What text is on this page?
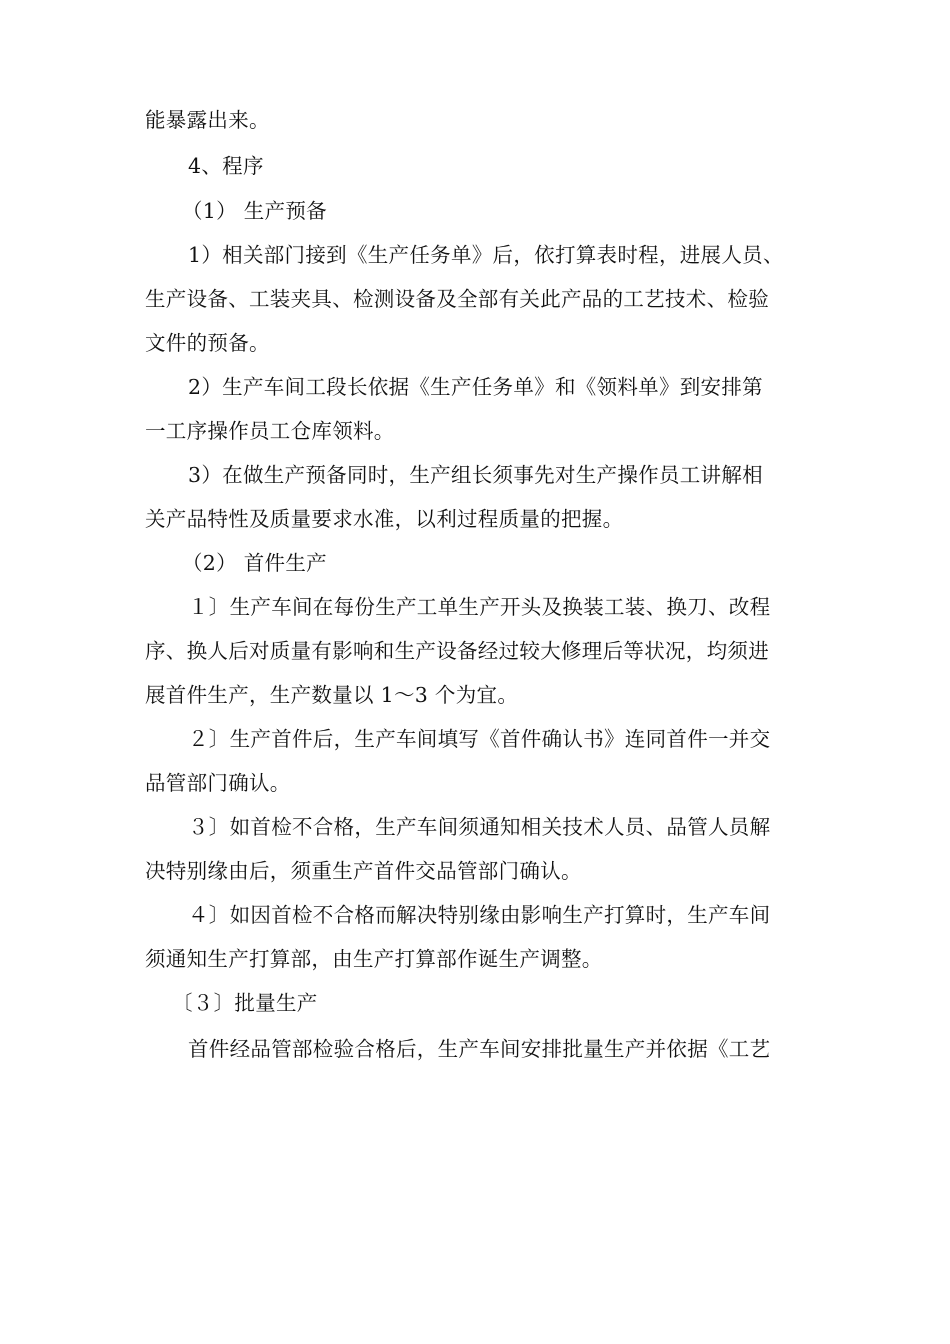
能暴露出来。
4、程序
（1） 生产预备
1）相关部门接到《生产任务单》后，依打算表时程，进展人员、
生产设备、工装夹具、检测设备及全部有关此产品的工艺技术、检验
文件的预备。
2）生产车间工段长依据《生产任务单》和《领料单》到安排第
一工序操作员工仓库领料。
3）在做生产预备同时，生产组长须事先对生产操作员工讲解相
关产品特性及质量要求水准，以利过程质量的把握。
（2） 首件生产
１〕生产车间在每份生产工单生产开头及换装工装、换刀、改程
序、换人后对质量有影响和生产设备经过较大修理后等状况，均须进
展首件生产，生产数量以 1～3 个为宜。
２〕生产首件后，生产车间填写《首件确认书》连同首件一并交
品管部门确认。
３〕如首检不合格，生产车间须通知相关技术人员、品管人员解
决特别缘由后，须重生产首件交品管部门确认。
４〕如因首检不合格而解决特别缘由影响生产打算时，生产车间
须通知生产打算部，由生产打算部作诞生产调整。
〔３〕批量生产
首件经品管部检验合格后，生产车间安排批量生产并依据《工艺
